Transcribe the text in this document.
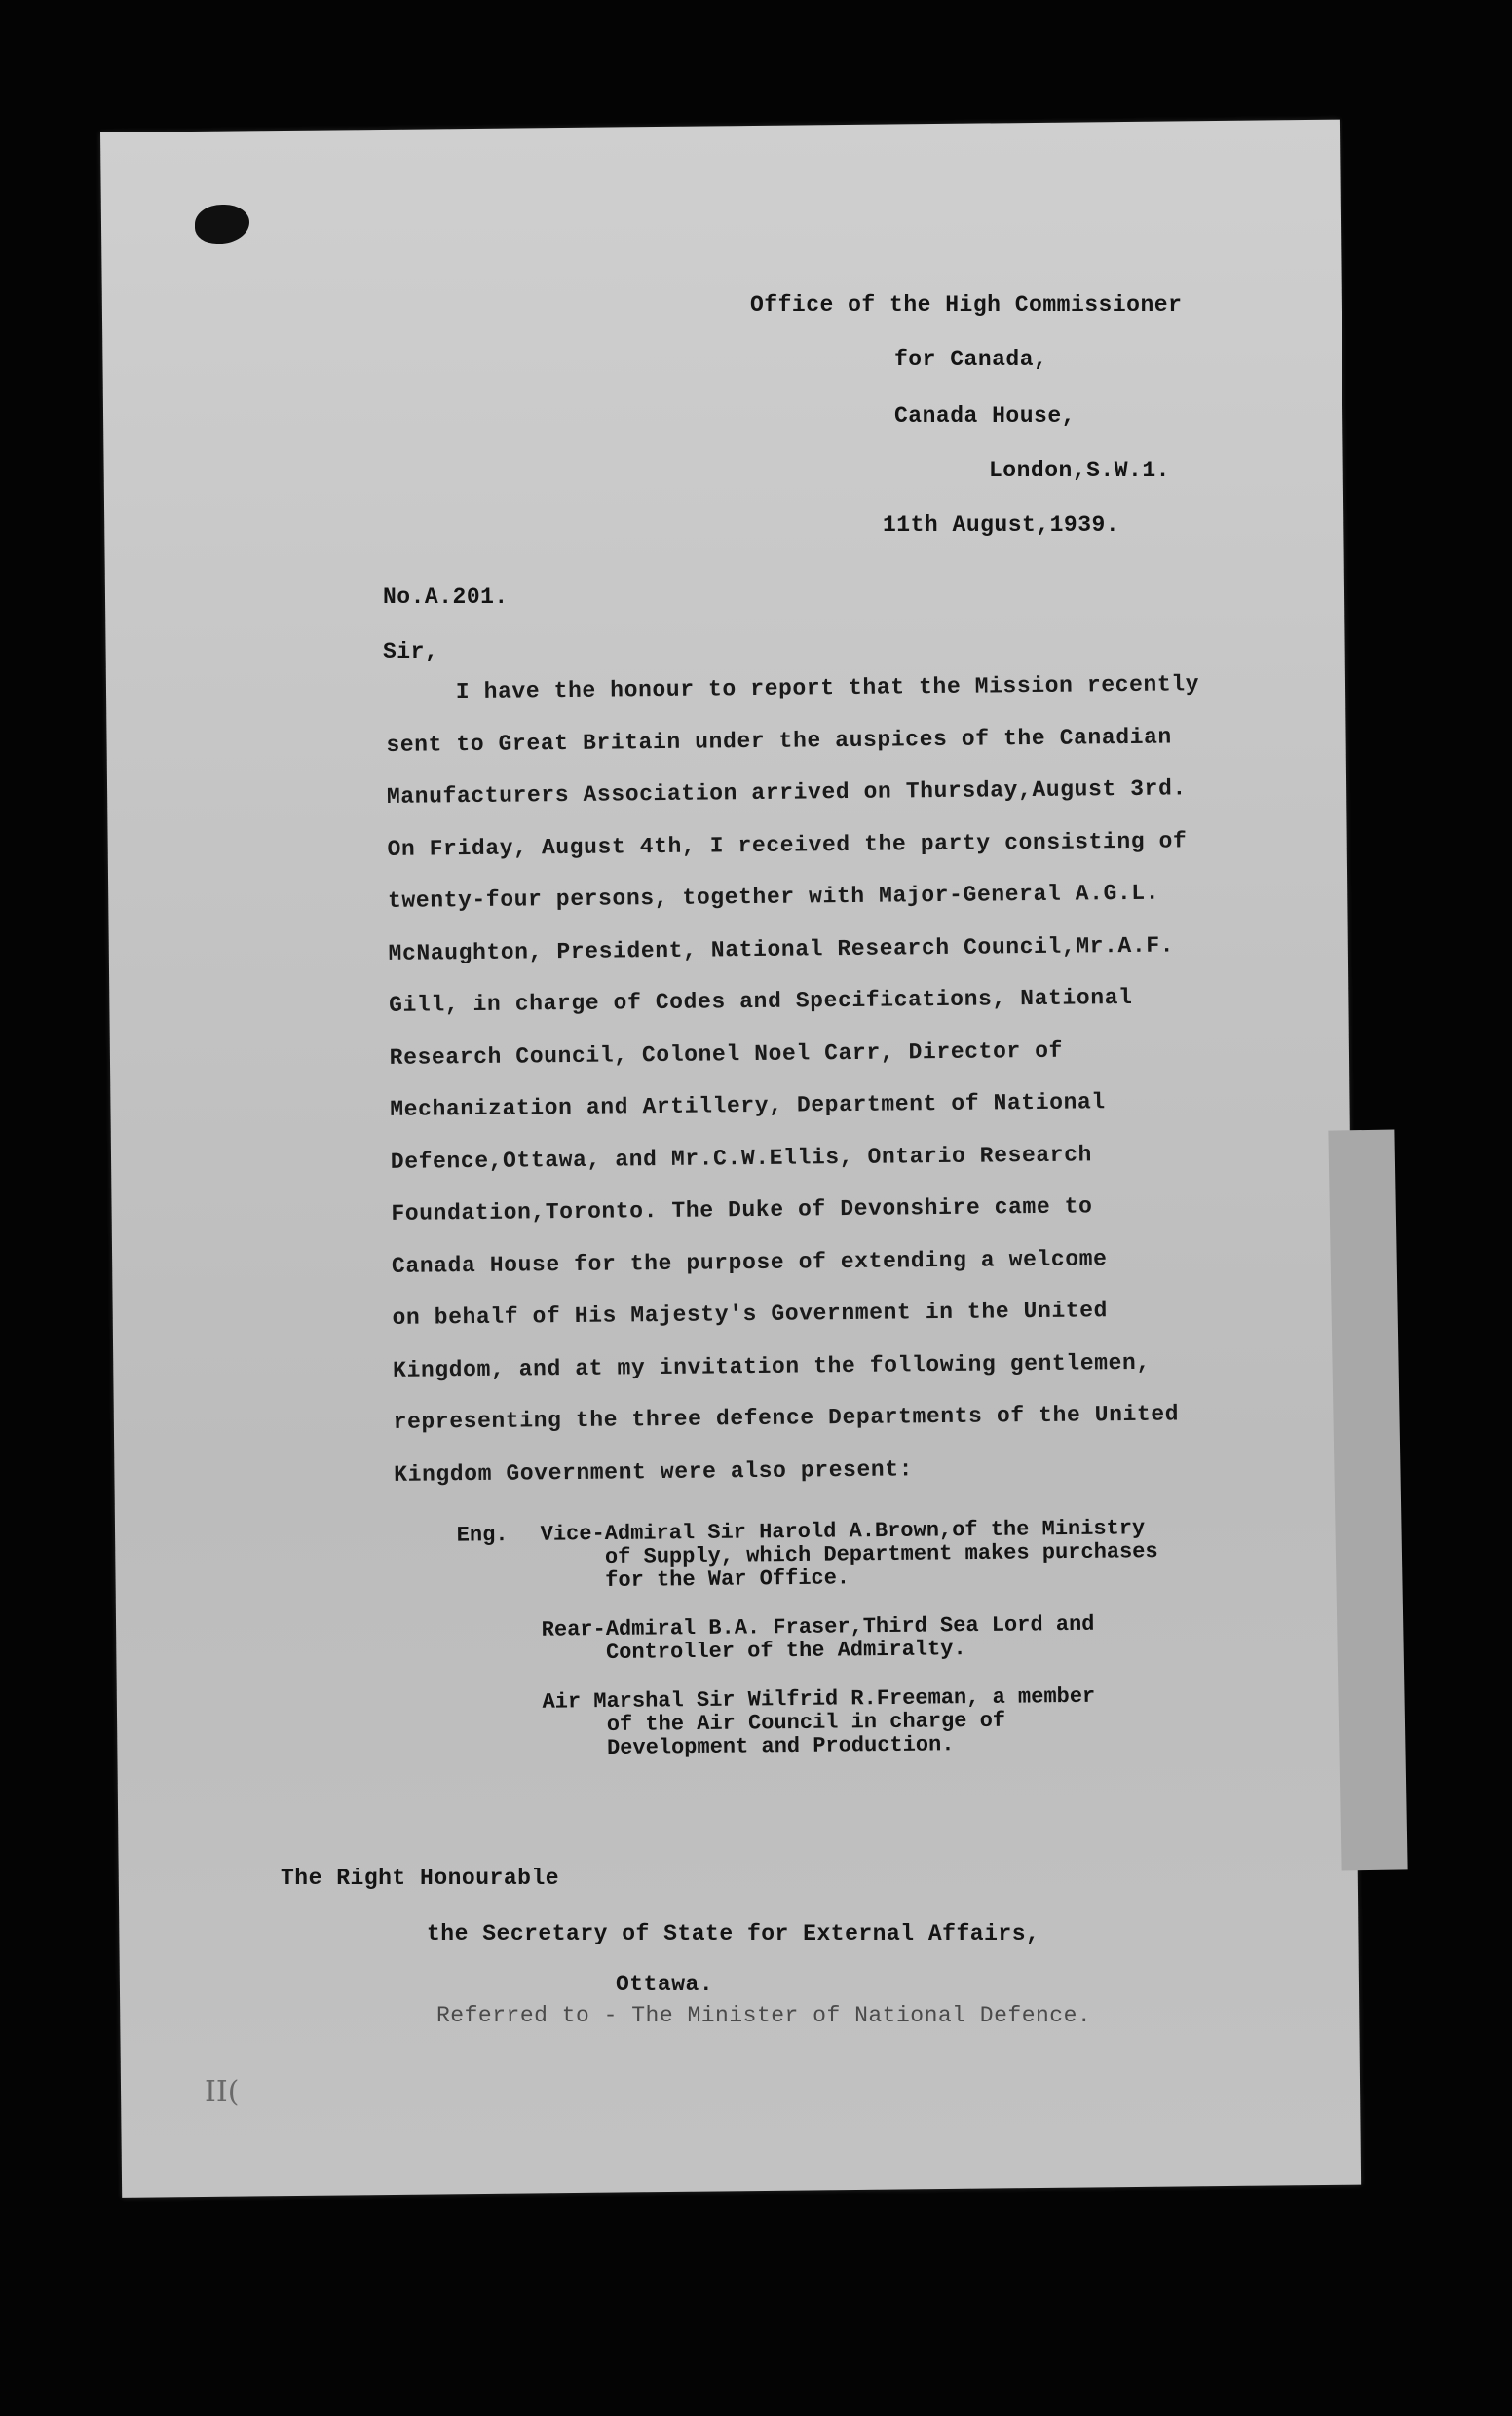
Office of the High Commissioner
for Canada,
Canada House,
London,S.W.1.
11th August,1939.
No.A.201.
Sir,
I have the honour to report that the Mission recently
sent to Great Britain under the auspices of the Canadian
Manufacturers Association arrived on Thursday,August 3rd.
On Friday, August 4th, I received the party consisting of
twenty-four persons, together with Major-General A.G.L.
McNaughton, President, National Research Council,Mr.A.F.
Gill, in charge of Codes and Specifications, National
Research Council, Colonel Noel Carr, Director of
Mechanization and Artillery, Department of National
Defence,Ottawa, and Mr.C.W.Ellis, Ontario Research
Foundation,Toronto. The Duke of Devonshire came to
Canada House for the purpose of extending a welcome
on behalf of His Majesty's Government in the United
Kingdom, and at my invitation the following gentlemen,
representing the three defence Departments of the United
Kingdom Government were also present:
Eng.	Vice-Admiral Sir Harold A.Brown,of the Ministry
of Supply, which Department makes purchases
for the War Office.
Rear-Admiral B.A. Fraser,Third Sea Lord and
Controller of the Admiralty.
Air Marshal Sir Wilfrid R.Freeman, a member
of the Air Council in charge of
Development and Production.
The Right Honourable
the Secretary of State for External Affairs,
Ottawa.
Referred to - The Minister of National Defence.
ӀӀ(
